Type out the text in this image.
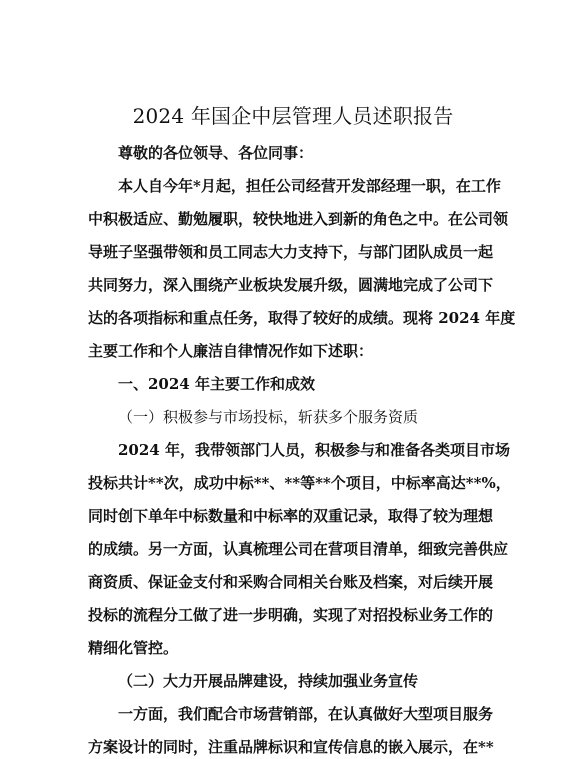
2024 年国企中层管理人员述职报告
尊敬的各位领导、各位同事：
本人自今年*月起，担任公司经营开发部经理一职，在工作
中积极适应、勤勉履职，较快地进入到新的角色之中。在公司领
导班子坚强带领和员工同志大力支持下，与部门团队成员一起
共同努力，深入围绕产业板块发展升级，圆满地完成了公司下
达的各项指标和重点任务，取得了较好的成绩。现将 2024 年度
主要工作和个人廉洁自律情况作如下述职：
一、2024 年主要工作和成效
（一）积极参与市场投标，斩获多个服务资质
2024 年，我带领部门人员，积极参与和准备各类项目市场
投标共计**次，成功中标**、**等**个项目，中标率高达**%，
同时创下单年中标数量和中标率的双重记录，取得了较为理想
的成绩。另一方面，认真梳理公司在营项目清单，细致完善供应
商资质、保证金支付和采购合同相关台账及档案，对后续开展
投标的流程分工做了进一步明确，实现了对招投标业务工作的
精细化管控。
（二）大力开展品牌建设，持续加强业务宣传
一方面，我们配合市场营销部，在认真做好大型项目服务
方案设计的同时，注重品牌标识和宣传信息的嵌入展示，在**
